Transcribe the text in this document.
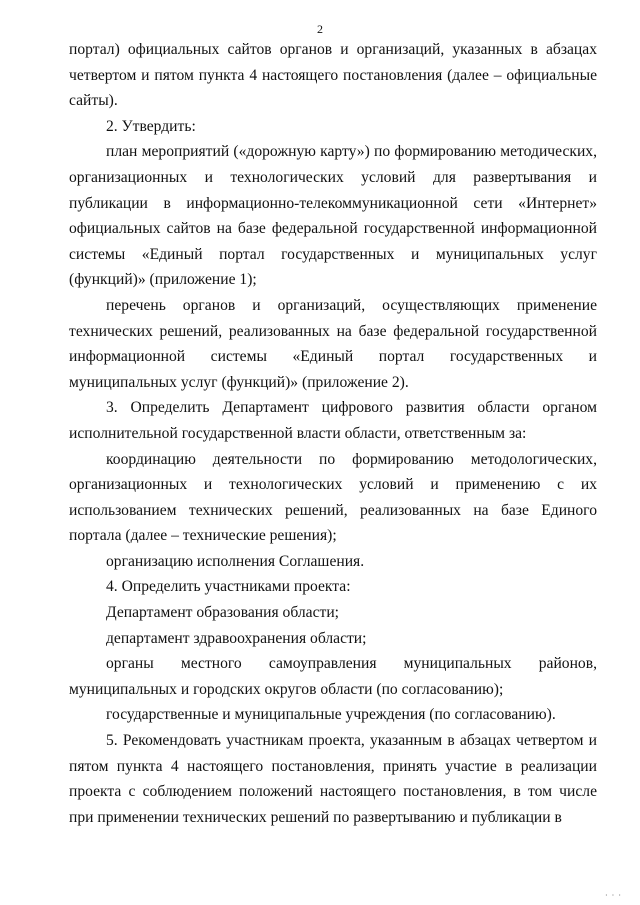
2

портал) официальных сайтов органов и организаций, указанных в абзацах четвертом и пятом пункта 4 настоящего постановления (далее – официальные сайты).

2. Утвердить:

план мероприятий («дорожную карту») по формированию методических, организационных и технологических условий для развертывания и публикации в информационно-телекоммуникационной сети «Интернет» официальных сайтов на базе федеральной государственной информационной системы «Единый портал государственных и муниципальных услуг (функций)» (приложение 1);

перечень органов и организаций, осуществляющих применение технических решений, реализованных на базе федеральной государственной информационной системы «Единый портал государственных и муниципальных услуг (функций)» (приложение 2).

3. Определить Департамент цифрового развития области органом исполнительной государственной власти области, ответственным за:

координацию деятельности по формированию методологических, организационных и технологических условий и применению с их использованием технических решений, реализованных на базе Единого портала (далее – технические решения);

организацию исполнения Соглашения.

4. Определить участниками проекта:

Департамент образования области;

департамент здравоохранения области;

органы местного самоуправления муниципальных районов, муниципальных и городских округов области (по согласованию);

государственные и муниципальные учреждения (по согласованию).

5. Рекомендовать участникам проекта, указанным в абзацах четвертом и пятом пункта 4 настоящего постановления, принять участие в реализации проекта с соблюдением положений настоящего постановления, в том числе при применении технических решений по развертыванию и публикации в

· · ·
